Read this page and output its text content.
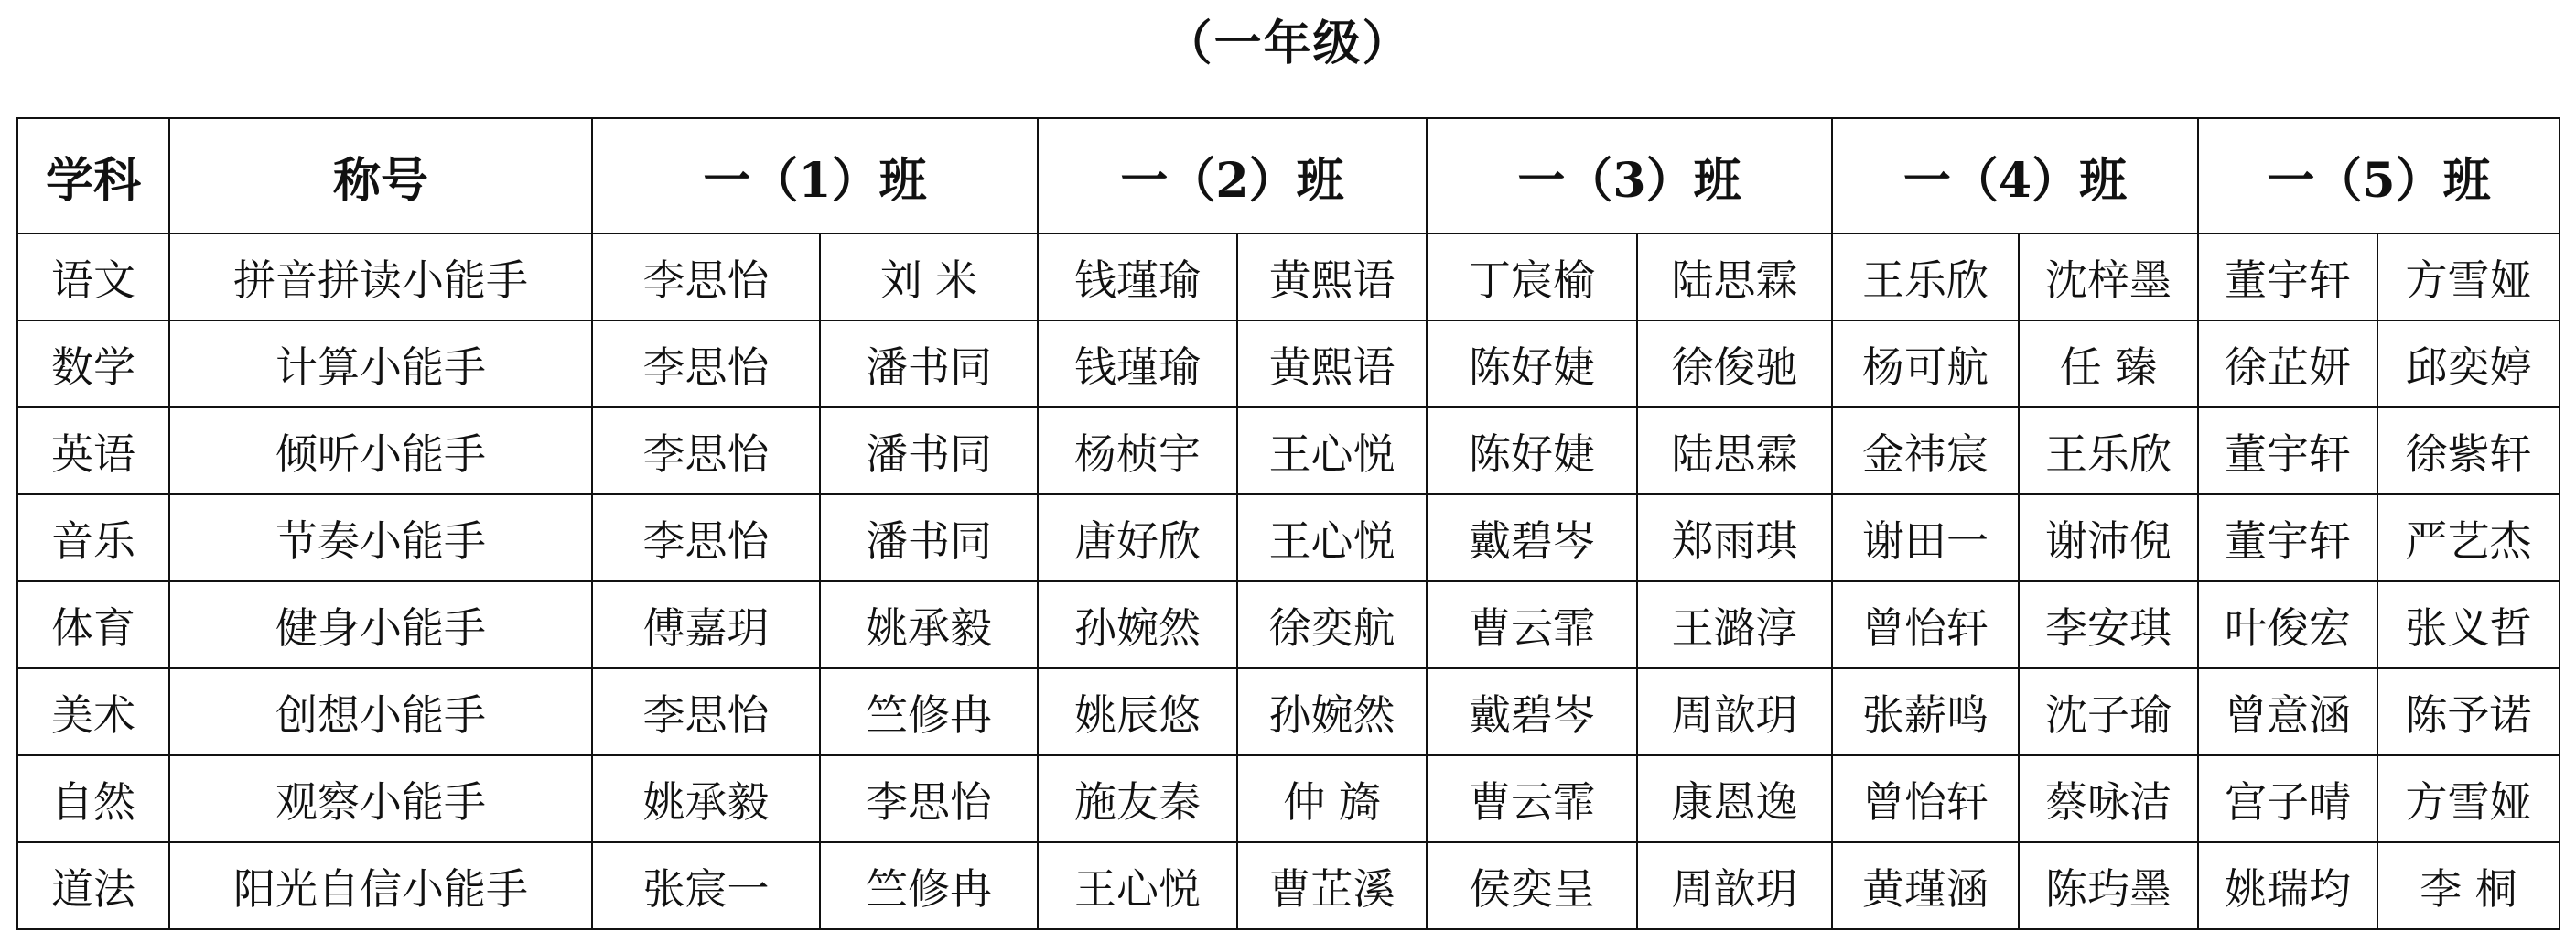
（一年级）
学科	称号	一（1）班		一（2）班		一（3）班		一（4）班		一（5）班	
语文	拼音拼读小能手	李思怡	刘 米	钱瑾瑜	黄熙语	丁宸榆	陆思霖	王乐欣	沈梓墨	董宇轩	方雪娅
数学	计算小能手	李思怡	潘书同	钱瑾瑜	黄熙语	陈好婕	徐俊驰	杨可航	任 臻	徐芷妍	邱奕婷
英语	倾听小能手	李思怡	潘书同	杨桢宇	王心悦	陈好婕	陆思霖	金祎宸	王乐欣	董宇轩	徐紫轩
音乐	节奏小能手	李思怡	潘书同	唐好欣	王心悦	戴碧岑	郑雨琪	谢田一	谢沛倪	董宇轩	严艺杰
体育	健身小能手	傅嘉玥	姚承毅	孙婉然	徐奕航	曹云霏	王潞淳	曾怡轩	李安琪	叶俊宏	张义哲
美术	创想小能手	李思怡	竺修冉	姚辰悠	孙婉然	戴碧岑	周歆玥	张薪鸣	沈子瑜	曾意涵	陈予诺
自然	观察小能手	姚承毅	李思怡	施友秦	仲 旖	曹云霏	康恩逸	曾怡轩	蔡咏洁	宫子晴	方雪娅
道法	阳光自信小能手	张宸一	竺修冉	王心悦	曹芷溪	侯奕呈	周歆玥	黄瑾涵	陈玙墨	姚瑞均	李 桐
